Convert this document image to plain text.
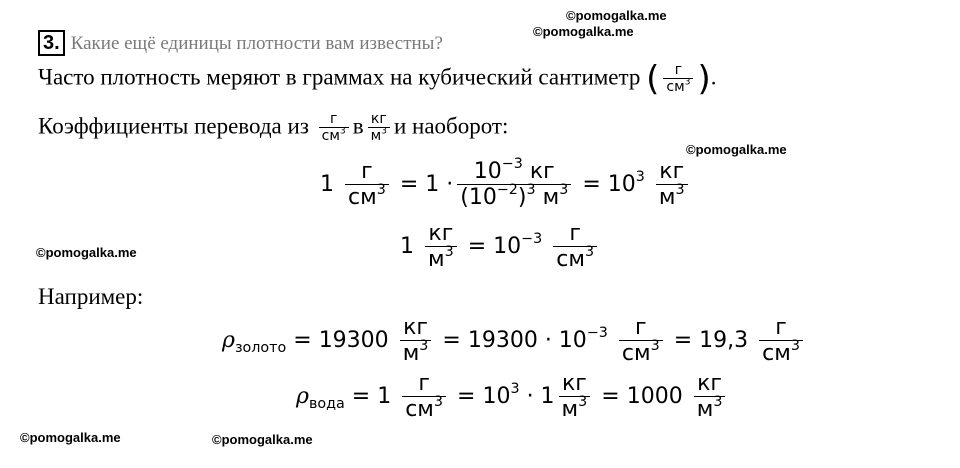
©pomogalka.me
©pomogalka.me
©pomogalka.me
©pomogalka.me
©pomogalka.me	©pomogalka.me
3. Какие ещё единицы плотности вам известны?
Часто плотность меряют в граммах на кубический сантиметр ( $\frac{г}{см^3}$ ).
Коэффициенты перевода из $\frac{г}{см^3}$ в $\frac{кг}{м^3}$ и наоборот:
$1 \frac{г}{см^3} = 1 \cdot \frac{10^{-3} кг}{(10^{-2})^3 м^3} = 10^3 \frac{кг}{м^3}$
$1 \frac{кг}{м^3} = 10^{-3} \frac{г}{см^3}$
Например:
$\rho_{золото} = 19300 \frac{кг}{м^3} = 19300 \cdot 10^{-3} \frac{г}{см^3} = 19,3 \frac{г}{см^3}$
$\rho_{вода} = 1 \frac{г}{см^3} = 10^3 \cdot 1 \frac{кг}{м^3} = 1000 \frac{кг}{м^3}$
